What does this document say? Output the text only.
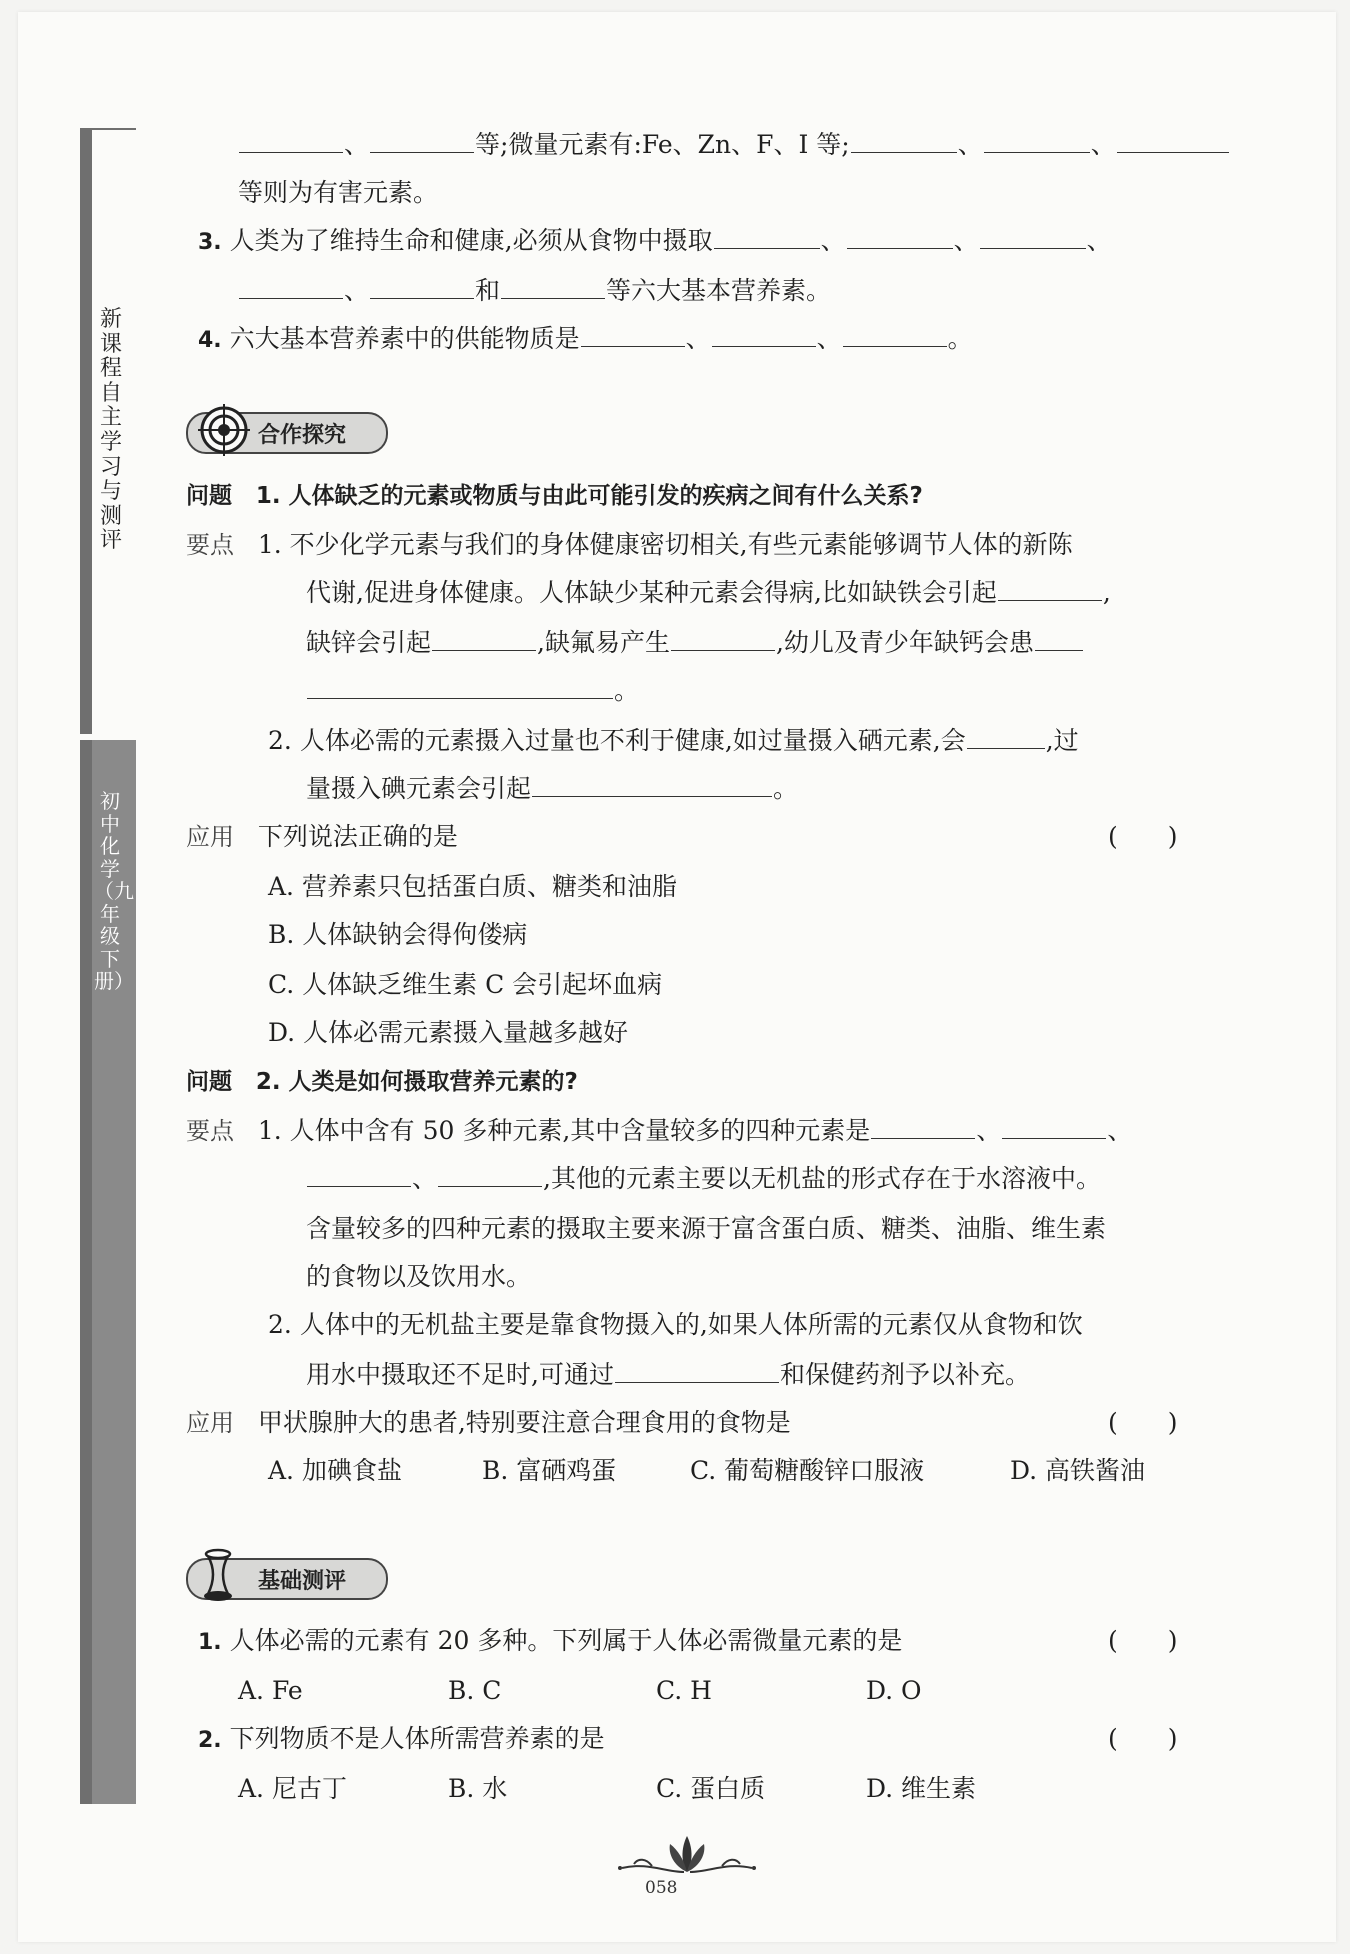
新课程自主学习与测评
初中化学（九年级下册）
、	等;微量元素有:Fe、Zn、F、I 等;	、	、
等则为有害元素。
3. 人类为了维持生命和健康,必须从食物中摄取	、	、	、
、	和	等六大基本营养素。
4. 六大基本营养素中的供能物质是	、	、	。
合作探究
问题 1. 人体缺乏的元素或物质与由此可能引发的疾病之间有什么关系?
要点 1. 不少化学元素与我们的身体健康密切相关,有些元素能够调节人体的新陈
代谢,促进身体健康。人体缺少某种元素会得病,比如缺铁会引起	,
缺锌会引起	,缺氟易产生	,幼儿及青少年缺钙会患
。
2. 人体必需的元素摄入过量也不利于健康,如过量摄入硒元素,会	,过
量摄入碘元素会引起	。
应用 下列说法正确的是	(　　)
A. 营养素只包括蛋白质、糖类和油脂
B. 人体缺钠会得佝偻病
C. 人体缺乏维生素 C 会引起坏血病
D. 人体必需元素摄入量越多越好
问题 2. 人类是如何摄取营养元素的?
要点 1. 人体中含有 50 多种元素,其中含量较多的四种元素是	、	、
、	,其他的元素主要以无机盐的形式存在于水溶液中。
含量较多的四种元素的摄取主要来源于富含蛋白质、糖类、油脂、维生素
的食物以及饮用水。
2. 人体中的无机盐主要是靠食物摄入的,如果人体所需的元素仅从食物和饮
用水中摄取还不足时,可通过	和保健药剂予以补充。
应用 甲状腺肿大的患者,特别要注意合理食用的食物是	(　　)
A. 加碘食盐	B. 富硒鸡蛋	C. 葡萄糖酸锌口服液	D. 高铁酱油
基础测评
1. 人体必需的元素有 20 多种。下列属于人体必需微量元素的是	(　　)
A. Fe	B. C	C. H	D. O
2. 下列物质不是人体所需营养素的是	(　　)
A. 尼古丁	B. 水	C. 蛋白质	D. 维生素
058
